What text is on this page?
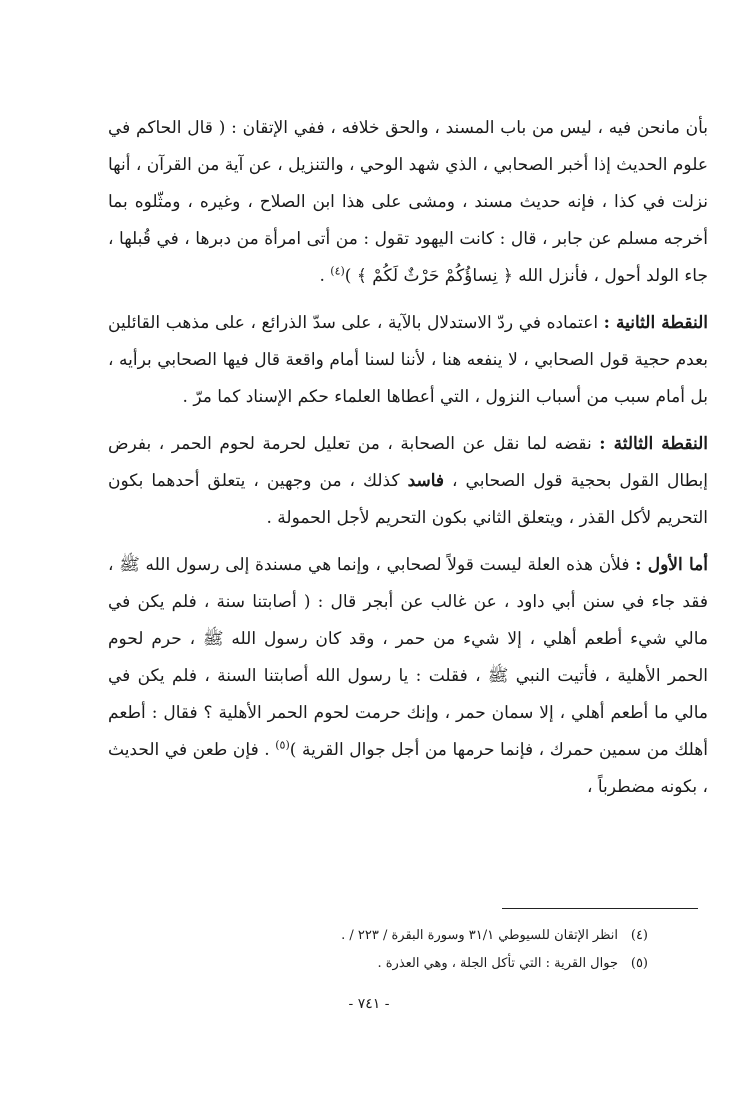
بأن مانحن فيه ، ليس من باب المسند ، والحق خلافه ، ففي الإتقان : ( قال الحاكم في علوم الحديث إذا أخبر الصحابي ، الذي شهد الوحي ، والتنزيل ، عن آية من القرآن ، أنها نزلت في كذا ، فإنه حديث مسند ، ومشى على هذا ابن الصلاح ، وغيره ، ومثّلوه بما أخرجه مسلم عن جابر ، قال : كانت اليهود تقول : من أتى امرأة من دبرها ، في قُبلها ، جاء الولد أحول ، فأنزل الله ﴿ نِساؤُكُمْ حَرْثٌ لَكُمْ ﴾ )$^{(٤)}$ .

النقطة الثانية : اعتماده في ردّ الاستدلال بالآية ، على سدّ الذرائع ، على مذهب القائلين بعدم حجية قول الصحابي ، لا ينفعه هنا ، لأننا لسنا أمام واقعة قال فيها الصحابي برأيه ، بل أمام سبب من أسباب النزول ، التي أعطاها العلماء حكم الإسناد كما مرّ .

النقطة الثالثة : نقضه لما نقل عن الصحابة ، من تعليل لحرمة لحوم الحمر ، بفرض إبطال القول بحجية قول الصحابي ، فاسد كذلك ، من وجهين ، يتعلق أحدهما بكون التحريم لأكل القذر ، ويتعلق الثاني بكون التحريم لأجل الحمولة .

أما الأول : فلأن هذه العلة ليست قولاً لصحابي ، وإنما هي مسندة إلى رسول الله ﷺ ، فقد جاء في سنن أبي داود ، عن غالب عن أبجر قال : ( أصابتنا سنة ، فلم يكن في مالي شيء أطعم أهلي ، إلا شيء من حمر ، وقد كان رسول الله ﷺ ، حرم لحوم الحمر الأهلية ، فأتيت النبي ﷺ ، فقلت : يا رسول الله أصابتنا السنة ، فلم يكن في مالي ما أطعم أهلي ، إلا سمان حمر ، وإنك حرمت لحوم الحمر الأهلية ؟ فقال : أطعم أهلك من سمين حمرك ، فإنما حرمها من أجل جوال القرية )$^{(٥)}$ . فإن طعن في الحديث ، بكونه مضطرباً ،

(٤)انظر الإتقان للسيوطي ٣١/١ وسورة البقرة / ٢٢٣ / .

(٥)جوال القرية : التي تأكل الجلة ، وهي العذرة .

- ٧٤١ -
